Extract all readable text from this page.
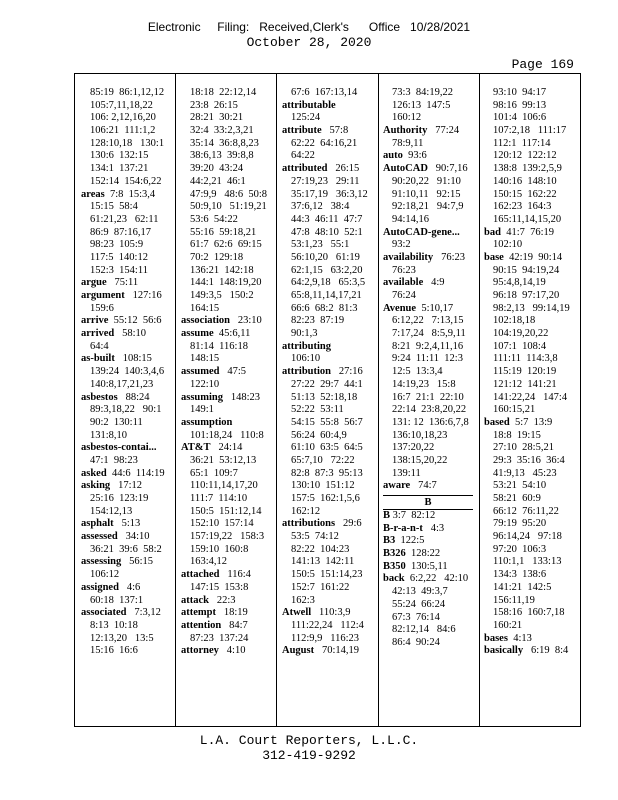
Electronic     Filing:   Received,Clerk's      Office   10/28/2021
October 28, 2020
Page 169
85:19  86:1,12,12
105:7,11,18,22
106: 2,12,16,20
106:21  111:1,2
128:10,18   130:1
130:6  132:15
134:1  137:21
152:14  154:6,22
areas  7:8  15:3,4
15:15  58:4
61:21,23   62:11
86:9  87:16,17
98:23  105:9
117:5  140:12
152:3  154:11
argue   75:11
argument   127:16
159:6
arrive  55:12  56:6
arrived   58:10
64:4
as-built   108:15
139:24  140:3,4,6
140:8,17,21,23
asbestos   88:24
89:3,18,22   90:1
90:2  130:11
131:8,10
asbestos-contai...
47:1  98:23
asked  44:6  114:19
asking   17:12
25:16  123:19
154:12,13
asphalt   5:13
assessed   34:10
36:21  39:6  58:2
assessing   56:15
106:12
assigned   4:6
60:18  137:1
associated   7:3,12
8:13  10:18
12:13,20   13:5
15:16  16:6
18:18  22:12,14
23:8  26:15
28:21  30:21
32:4  33:2,3,21
35:14  36:8,8,23
38:6,13  39:8,8
39:20  43:24
44:2,21  46:1
47:9,9   48:6  50:8
50:9,10   51:19,21
53:6  54:22
55:16  59:18,21
61:7  62:6  69:15
70:2  129:18
136:21  142:18
144:1  148:19,20
149:3,5   150:2
164:15
association   23:10
assume  45:6,11
81:14  116:18
148:15
assumed   47:5
122:10
assuming   148:23
149:1
assumption
101:18,24   110:8
AT&T   24:14
36:21  53:12,13
65:1  109:7
110:11,14,17,20
111:7  114:10
150:5  151:12,14
152:10  157:14
157:19,22   158:3
159:10  160:8
163:4,12
attached   116:4
147:15  153:8
attack   22:3
attempt   18:19
attention   84:7
87:23  137:24
attorney   4:10
67:6  167:13,14
attributable
125:24
attribute   57:8
62:22  64:16,21
64:22
attributed   26:15
27:19,23   29:11
35:17,19   36:3,12
37:6,12   38:4
44:3  46:11  47:7
47:8  48:10  52:1
53:1,23   55:1
56:10,20   61:19
62:1,15   63:2,20
64:2,9,18   65:3,5
65:8,11,14,17,21
66:6  68:2  81:3
82:23  87:19
90:1,3
attributing
106:10
attribution   27:16
27:22  29:7  44:1
51:13  52:18,18
52:22  53:11
54:15  55:8  56:7
56:24  60:4,9
61:10  63:5  64:5
65:7,10   72:22
82:8  87:3  95:13
130:10  151:12
157:5  162:1,5,6
162:12
attributions   29:6
53:5  74:12
82:22  104:23
141:13  142:11
150:5  151:14,23
152:7  161:22
162:3
Atwell   110:3,9
111:22,24   112:4
112:9,9   116:23
August   70:14,19
73:3  84:19,22
126:13  147:5
160:12
Authority   77:24
78:9,11
auto  93:6
AutoCAD   90:7,16
90:20,22   91:10
91:10,11   92:15
92:18,21   94:7,9
94:14,16
AutoCAD-gene...
93:2
availability   76:23
76:23
available   4:9
76:24
Avenue  5:10,17
6:12,22   7:13,15
7:17,24   8:5,9,11
8:21  9:2,4,11,16
9:24  11:11  12:3
12:5  13:3,4
14:19,23   15:8
16:7  21:1  22:10
22:14  23:8,20,22
131: 12  136:6,7,8
136:10,18,23
137:20,22
138:15,20,22
139:11
aware   74:7
B
B 3:7  82:12
B-r-a-n-t   4:3
B3  122:5
B326  128:22
B350  130:5,11
back  6:2,22   42:10
42:13  49:3,7
55:24  66:24
67:3  76:14
82:12,14   84:6
86:4  90:24
93:10  94:17
98:16  99:13
101:4  106:6
107:2,18   111:17
112:1  117:14
120:12  122:12
138:8  139:2,5,9
140:16  148:10
150:15  162:22
162:23  164:3
165:11,14,15,20
bad  41:7  76:19
102:10
base  42:19  90:14
90:15  94:19,24
95:4,8,14,19
96:18  97:17,20
98:2,13   99:14,19
102:18,18
104:19,20,22
107:1  108:4
111:11  114:3,8
115:19  120:19
121:12  141:21
141:22,24   147:4
160:15,21
based  5:7  13:9
18:8  19:15
27:10  28:5,21
29:3  35:16  36:4
41:9,13   45:23
53:21  54:10
58:21  60:9
66:12  76:11,22
79:19  95:20
96:14,24   97:18
97:20  106:3
110:1,1   133:13
134:3  138:6
141:21  142:5
156:11,19
158:16  160:7,18
160:21
bases  4:13
basically   6:19  8:4
L.A. Court Reporters, L.L.C.
312-419-9292
